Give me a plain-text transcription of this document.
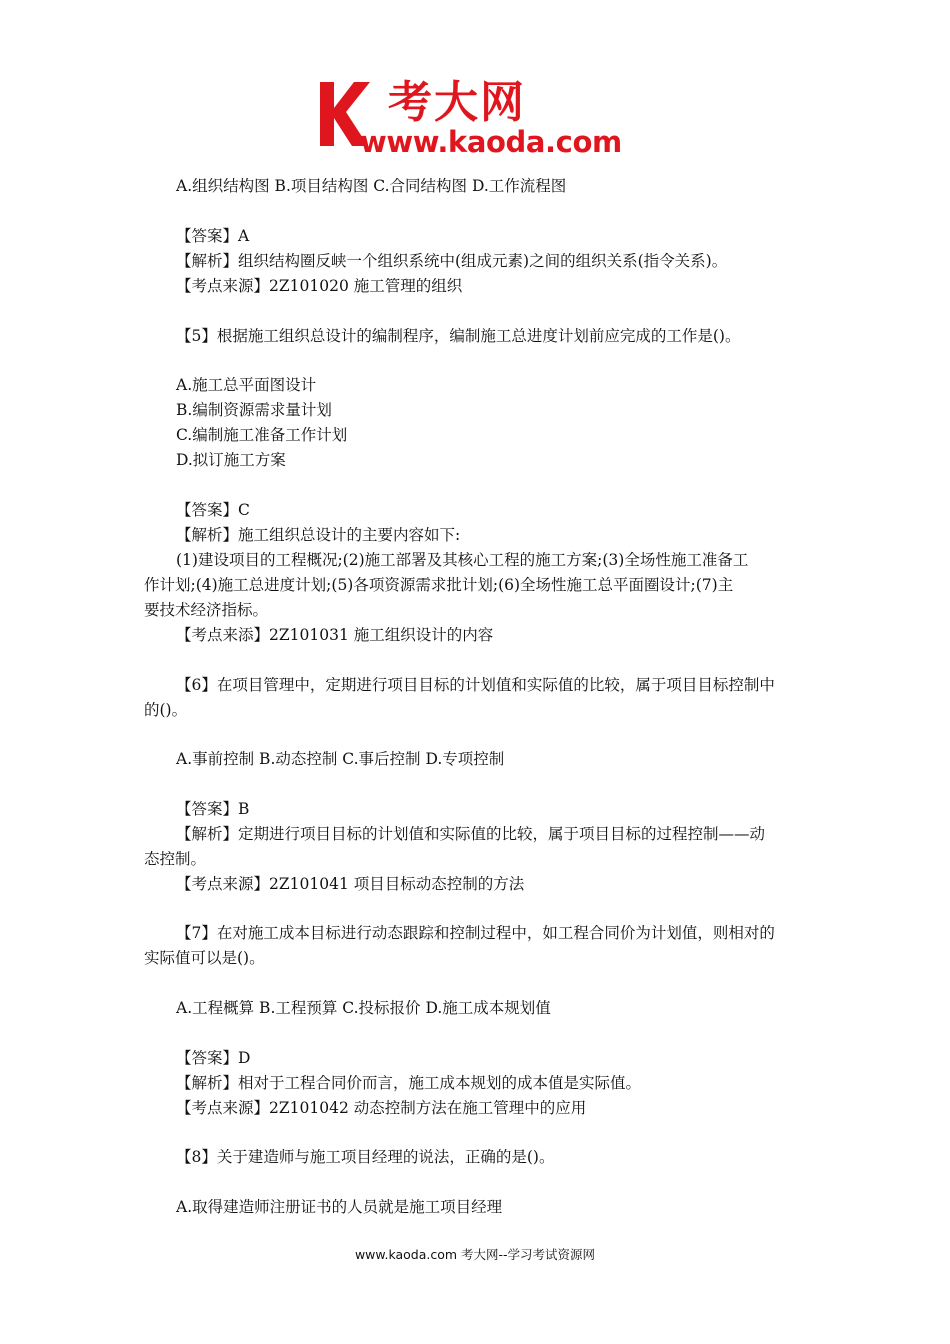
考大网
www.kaoda.com
A.组织结构图 B.项目结构图 C.合同结构图 D.工作流程图
【答案】A
【解析】组织结构圈反峡一个组织系统中(组成元素)之间的组织关系(指令关系)。
【考点来源】2Z101020 施工管理的组织
【5】根据施工组织总设计的编制程序，编制施工总进度计划前应完成的工作是()。
A.施工总平面图设计
B.编制资源需求量计划
C.编制施工准备工作计划
D.拟订施工方案
【答案】C
【解析】施工组织总设计的主要内容如下:
(1)建设项目的工程概况;(2)施工部署及其核心工程的施工方案;(3)全场性施工准备工
作计划;(4)施工总进度计划;(5)各项资源需求批计划;(6)全场性施工总平面圈设计;(7)主
要技术经济指标。
【考点来添】2Z101031 施工组织设计的内容
【6】在项目管理中，定期进行项目目标的计划值和实际值的比较，属于项目目标控制中
的()。
A.事前控制 B.动态控制 C.事后控制 D.专项控制
【答案】B
【解析】定期进行项目目标的计划值和实际值的比较，属于项目目标的过程控制——动
态控制。
【考点来源】2Z101041 项目目标动态控制的方法
【7】在对施工成本目标进行动态跟踪和控制过程中，如工程合同价为计划值，则相对的
实际值可以是()。
A.工程概算 B.工程预算 C.投标报价 D.施工成本规划值
【答案】D
【解析】相对于工程合同价而言，施工成本规划的成本值是实际值。
【考点来源】2Z101042 动态控制方法在施工管理中的应用
【8】关于建造师与施工项目经理的说法，正确的是()。
A.取得建造师注册证书的人员就是施工项目经理
www.kaoda.com 考大网--学习考试资源网
